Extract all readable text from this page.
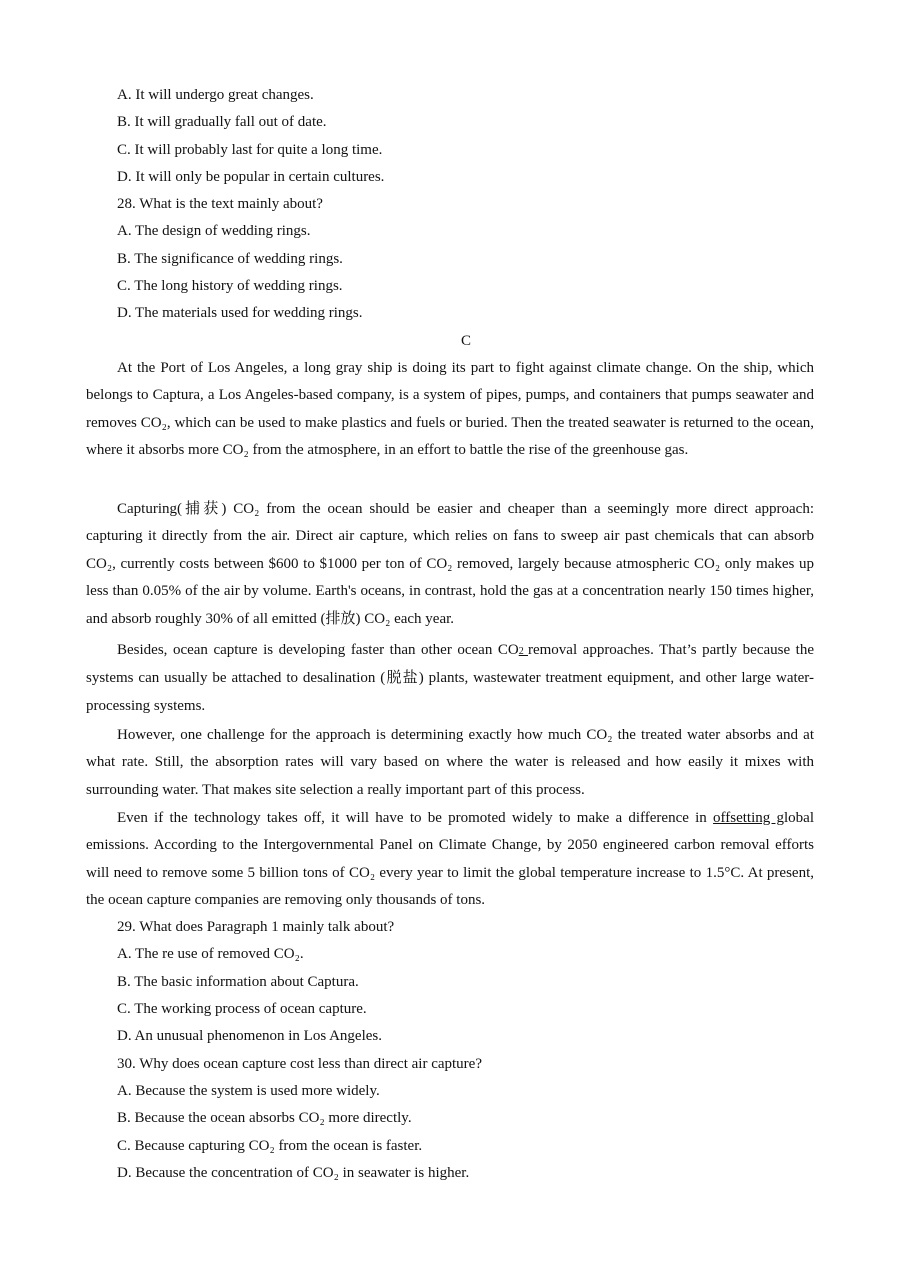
A. It will undergo great changes.
B. It will gradually fall out of date.
C. It will probably last for quite a long time.
D. It will only be popular in certain cultures.
28. What is the text mainly about?
A. The design of wedding rings.
B. The significance of wedding rings.
C. The long history of wedding rings.
D. The materials used for wedding rings.
C
At the Port of Los Angeles, a long gray ship is doing its part to fight against climate change. On the ship, which belongs to Captura, a Los Angeles-based company, is a system of pipes, pumps, and containers that pumps seawater and removes CO₂, which can be used to make plastics and fuels or buried. Then the treated seawater is returned to the ocean, where it absorbs more CO₂ from the atmosphere, in an effort to battle the rise of the greenhouse gas.
Capturing(捕获) CO₂ from the ocean should be easier and cheaper than a seemingly more direct approach: capturing it directly from the air. Direct air capture, which relies on fans to sweep air past chemicals that can absorb CO₂, currently costs between $600 to $1000 per ton of CO₂ removed, largely because atmospheric CO₂ only makes up less than 0.05% of the air by volume. Earth's oceans, in contrast, hold the gas at a concentration nearly 150 times higher, and absorb roughly 30% of all emitted (排放) CO₂ each year.
Besides, ocean capture is developing faster than other ocean CO2 removal approaches. That’s partly because the systems can usually be attached to desalination (脱盐) plants, wastewater treatment equipment, and other large water-processing systems.
However, one challenge for the approach is determining exactly how much CO₂ the treated water absorbs and at what rate. Still, the absorption rates will vary based on where the water is released and how easily it mixes with surrounding water. That makes site selection a really important part of this process.
Even if the technology takes off, it will have to be promoted widely to make a difference in offsetting global emissions. According to the Intergovernmental Panel on Climate Change, by 2050 engineered carbon removal efforts will need to remove some 5 billion tons of CO₂ every year to limit the global temperature increase to 1.5°C. At present, the ocean capture companies are removing only thousands of tons.
29. What does Paragraph 1 mainly talk about?
A. The re use of removed CO₂.
B. The basic information about Captura.
C. The working process of ocean capture.
D. An unusual phenomenon in Los Angeles.
30. Why does ocean capture cost less than direct air capture?
A. Because the system is used more widely.
B. Because the ocean absorbs CO₂ more directly.
C. Because capturing CO₂ from the ocean is faster.
D. Because the concentration of CO₂ in seawater is higher.
